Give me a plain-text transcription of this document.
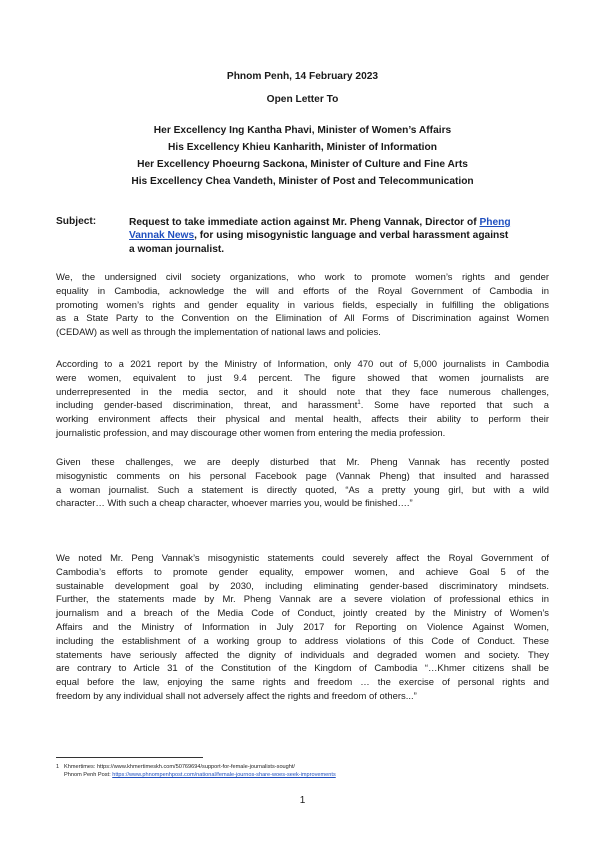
Phnom Penh, 14 February 2023
Open Letter To
Her Excellency Ing Kantha Phavi, Minister of Women’s Affairs
His Excellency Khieu Kanharith, Minister of Information
Her Excellency Phoeurng Sackona, Minister of Culture and Fine Arts
His Excellency Chea Vandeth, Minister of Post and Telecommunication
Subject:	Request to take immediate action against Mr. Pheng Vannak, Director of Pheng
Vannak News, for using misogynistic language and verbal harassment against
a woman journalist.
We, the undersigned civil society organizations, who work to promote women’s rights and gender
equality in Cambodia, acknowledge the will and efforts of the Royal Government of Cambodia in
promoting women’s rights and gender equality in various fields, especially in fulfilling the obligations
as a State Party to the Convention on the Elimination of All Forms of Discrimination against Women
(CEDAW) as well as through the implementation of national laws and policies.
According to a 2021 report by the Ministry of Information, only 470 out of 5,000 journalists in Cambodia
were women, equivalent to just 9.4 percent. The figure showed that women journalists are
underrepresented in the media sector, and it should note that they face numerous challenges,
including gender-based discrimination, threat, and harassment$^1$. Some have reported that such a
working environment affects their physical and mental health, affects their ability to perform their
journalistic profession, and may discourage other women from entering the media profession.
Given these challenges, we are deeply disturbed that Mr. Pheng Vannak has recently posted
misogynistic comments on his personal Facebook page (Vannak Pheng) that insulted and harassed
a woman journalist. Such a statement is directly quoted, “As a pretty young girl, but with a wild
character… With such a cheap character, whoever marries you, would be finished….”
We noted Mr. Peng Vannak’s misogynistic statements could severely affect the Royal Government of
Cambodia’s efforts to promote gender equality, empower women, and achieve Goal 5 of the
sustainable development goal by 2030, including eliminating gender-based discriminatory mindsets.
Further, the statements made by Mr. Pheng Vannak are a severe violation of professional ethics in
journalism and a breach of the Media Code of Conduct, jointly created by the Ministry of Women’s
Affairs and the Ministry of Information in July 2017 for Reporting on Violence Against Women,
including the establishment of a working group to address violations of this Code of Conduct. These
statements have seriously affected the dignity of individuals and degraded women and society. They
are contrary to Article 31 of the Constitution of the Kingdom of Cambodia “…Khmer citizens shall be
equal before the law, enjoying the same rights and freedom … the exercise of personal rights and
freedom by any individual shall not adversely affect the rights and freedom of others...”
1 Khmertimes: https://www.khmertimeskh.com/50769694/support-for-female-journalists-sought/
Phnom Penh Post: https://www.phnompenhpost.com/national/female-journos-share-woes-seek-improvements
1
